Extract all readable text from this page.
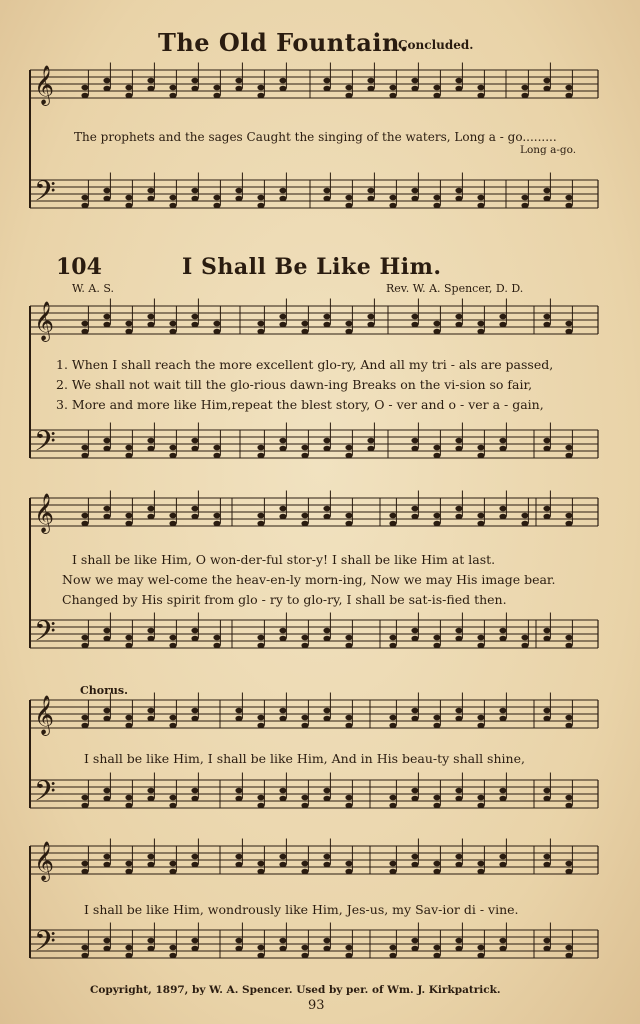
𝄞
𝄢
𝄞
𝄢
𝄞
𝄢
𝄞
𝄢
𝄞
𝄢
The Old Fountain.
Concluded.
The prophets and the sages Caught the singing of the waters, Long a - go.........
Long a-go.
104	I Shall Be Like Him.
W. A. S.	Rev. W. A. Spencer, D. D.
1. When I shall reach the more excellent glo-ry, And all my tri - als are passed,
2. We shall not wait till the glo-rious dawn-ing Breaks on the vi-sion so fair,
3. More and more like Him,repeat the blest story, O - ver and o - ver a - gain,
I shall be like Him, O won-der-ful stor-y! I shall be like Him at last.
Now we may wel-come the heav-en-ly morn-ing, Now we may His image bear.
Changed by His spirit from glo - ry to glo-ry, I shall be sat-is-fied then.
Chorus.
I shall be like Him, I shall be like Him, And in His beau-ty shall shine,
I shall be like Him, wondrously like Him, Jes-us, my Sav-ior di - vine.
Copyright, 1897, by W. A. Spencer. Used by per. of Wm. J. Kirkpatrick.
93
